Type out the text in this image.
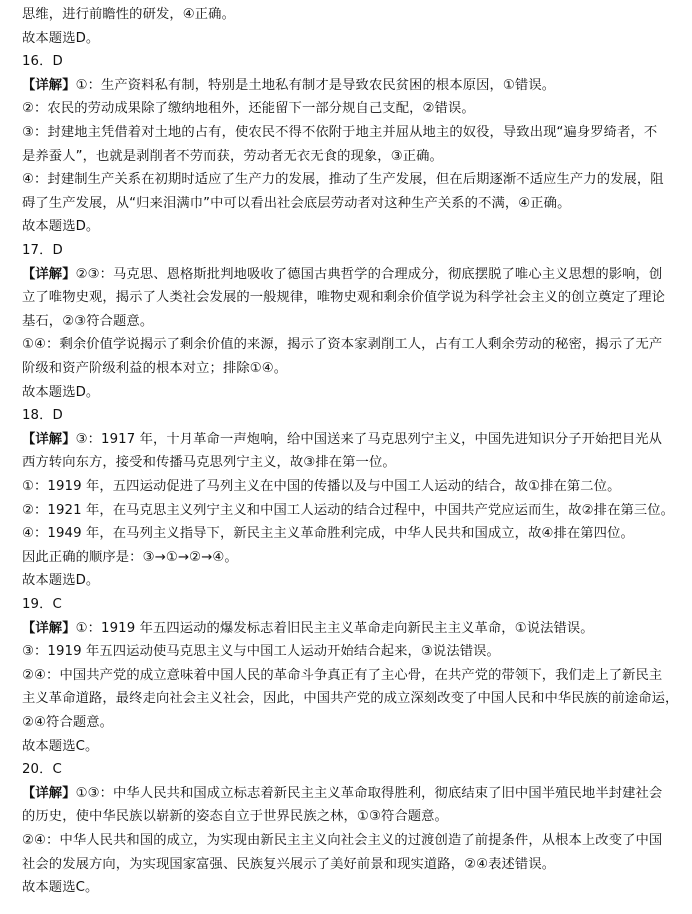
思维，进行前瞻性的研发，④正确。
故本题选D。
16．D
【详解】①：生产资料私有制，特别是土地私有制才是导致农民贫困的根本原因，①错误。
②：农民的劳动成果除了缴纳地租外，还能留下一部分规自己支配，②错误。
③：封建地主凭借着对土地的占有，使农民不得不依附于地主并屈从地主的奴役，导致出现“遍身罗绮者，不
是养蚕人”，也就是剥削者不劳而获，劳动者无衣无食的现象，③正确。
④：封建制生产关系在初期时适应了生产力的发展，推动了生产发展，但在后期逐渐不适应生产力的发展，阻
碍了生产发展，从“归来泪满巾”中可以看出社会底层劳动者对这种生产关系的不满，④正确。
故本题选D。
17．D
【详解】②③：马克思、恩格斯批判地吸收了德国古典哲学的合理成分，彻底摆脱了唯心主义思想的影响，创
立了唯物史观，揭示了人类社会发展的一般规律，唯物史观和剩余价值学说为科学社会主义的创立奠定了理论
基石，②③符合题意。
①④：剩余价值学说揭示了剩余价值的来源，揭示了资本家剥削工人，占有工人剩余劳动的秘密，揭示了无产
阶级和资产阶级利益的根本对立；排除①④。
故本题选D。
18．D
【详解】③：1917 年，十月革命一声炮响，给中国送来了马克思列宁主义，中国先进知识分子开始把目光从
西方转向东方，接受和传播马克思列宁主义，故③排在第一位。
①：1919 年，五四运动促进了马列主义在中国的传播以及与中国工人运动的结合，故①排在第二位。
②：1921 年，在马克思主义列宁主义和中国工人运动的结合过程中，中国共产党应运而生，故②排在第三位。
④：1949 年，在马列主义指导下，新民主主义革命胜利完成，中华人民共和国成立，故④排在第四位。
因此正确的顺序是：③→①→②→④。
故本题选D。
19．C
【详解】①：1919 年五四运动的爆发标志着旧民主主义革命走向新民主主义革命，①说法错误。
③：1919 年五四运动使马克思主义与中国工人运动开始结合起来，③说法错误。
②④：中国共产党的成立意味着中国人民的革命斗争真正有了主心骨，在共产党的带领下，我们走上了新民主
主义革命道路，最终走向社会主义社会，因此，中国共产党的成立深刻改变了中国人民和中华民族的前途命运，
②④符合题意。
故本题选C。
20．C
【详解】①③：中华人民共和国成立标志着新民主主义革命取得胜利，彻底结束了旧中国半殖民地半封建社会
的历史，使中华民族以崭新的姿态自立于世界民族之林，①③符合题意。
②④：中华人民共和国的成立，为实现由新民主主义向社会主义的过渡创造了前提条件，从根本上改变了中国
社会的发展方向，为实现国家富强、民族复兴展示了美好前景和现实道路，②④表述错误。
故本题选C。
